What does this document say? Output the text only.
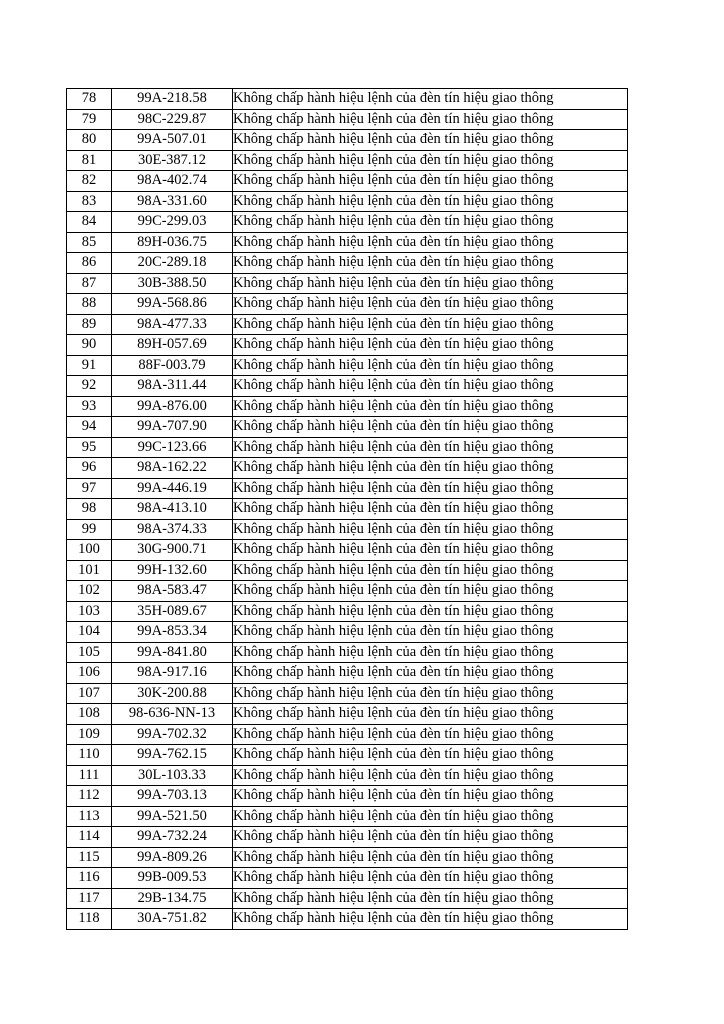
78	99A-218.58	Không chấp hành hiệu lệnh của đèn tín hiệu giao thông
79	98C-229.87	Không chấp hành hiệu lệnh của đèn tín hiệu giao thông
80	99A-507.01	Không chấp hành hiệu lệnh của đèn tín hiệu giao thông
81	30E-387.12	Không chấp hành hiệu lệnh của đèn tín hiệu giao thông
82	98A-402.74	Không chấp hành hiệu lệnh của đèn tín hiệu giao thông
83	98A-331.60	Không chấp hành hiệu lệnh của đèn tín hiệu giao thông
84	99C-299.03	Không chấp hành hiệu lệnh của đèn tín hiệu giao thông
85	89H-036.75	Không chấp hành hiệu lệnh của đèn tín hiệu giao thông
86	20C-289.18	Không chấp hành hiệu lệnh của đèn tín hiệu giao thông
87	30B-388.50	Không chấp hành hiệu lệnh của đèn tín hiệu giao thông
88	99A-568.86	Không chấp hành hiệu lệnh của đèn tín hiệu giao thông
89	98A-477.33	Không chấp hành hiệu lệnh của đèn tín hiệu giao thông
90	89H-057.69	Không chấp hành hiệu lệnh của đèn tín hiệu giao thông
91	88F-003.79	Không chấp hành hiệu lệnh của đèn tín hiệu giao thông
92	98A-311.44	Không chấp hành hiệu lệnh của đèn tín hiệu giao thông
93	99A-876.00	Không chấp hành hiệu lệnh của đèn tín hiệu giao thông
94	99A-707.90	Không chấp hành hiệu lệnh của đèn tín hiệu giao thông
95	99C-123.66	Không chấp hành hiệu lệnh của đèn tín hiệu giao thông
96	98A-162.22	Không chấp hành hiệu lệnh của đèn tín hiệu giao thông
97	99A-446.19	Không chấp hành hiệu lệnh của đèn tín hiệu giao thông
98	98A-413.10	Không chấp hành hiệu lệnh của đèn tín hiệu giao thông
99	98A-374.33	Không chấp hành hiệu lệnh của đèn tín hiệu giao thông
100	30G-900.71	Không chấp hành hiệu lệnh của đèn tín hiệu giao thông
101	99H-132.60	Không chấp hành hiệu lệnh của đèn tín hiệu giao thông
102	98A-583.47	Không chấp hành hiệu lệnh của đèn tín hiệu giao thông
103	35H-089.67	Không chấp hành hiệu lệnh của đèn tín hiệu giao thông
104	99A-853.34	Không chấp hành hiệu lệnh của đèn tín hiệu giao thông
105	99A-841.80	Không chấp hành hiệu lệnh của đèn tín hiệu giao thông
106	98A-917.16	Không chấp hành hiệu lệnh của đèn tín hiệu giao thông
107	30K-200.88	Không chấp hành hiệu lệnh của đèn tín hiệu giao thông
108	98-636-NN-13	Không chấp hành hiệu lệnh của đèn tín hiệu giao thông
109	99A-702.32	Không chấp hành hiệu lệnh của đèn tín hiệu giao thông
110	99A-762.15	Không chấp hành hiệu lệnh của đèn tín hiệu giao thông
111	30L-103.33	Không chấp hành hiệu lệnh của đèn tín hiệu giao thông
112	99A-703.13	Không chấp hành hiệu lệnh của đèn tín hiệu giao thông
113	99A-521.50	Không chấp hành hiệu lệnh của đèn tín hiệu giao thông
114	99A-732.24	Không chấp hành hiệu lệnh của đèn tín hiệu giao thông
115	99A-809.26	Không chấp hành hiệu lệnh của đèn tín hiệu giao thông
116	99B-009.53	Không chấp hành hiệu lệnh của đèn tín hiệu giao thông
117	29B-134.75	Không chấp hành hiệu lệnh của đèn tín hiệu giao thông
118	30A-751.82	Không chấp hành hiệu lệnh của đèn tín hiệu giao thông
